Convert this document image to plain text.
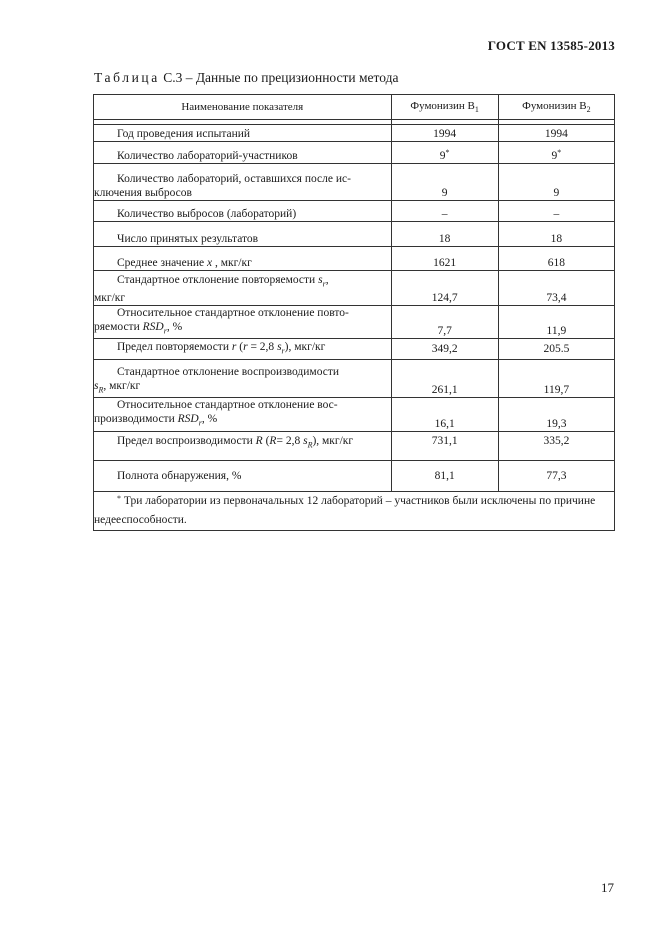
ГОСТ EN 13585-2013
Таблица С.3 – Данные по прецизионности метода
Наименование показателя	Фумонизин $B_1$	Фумонизин $B_2$

Год проведения испытаний	1994	1994
Количество лабораторий-участников	9*	9*
Количество лабораторий, оставшихся после ис-
ключения выбросов	9	9
Количество выбросов (лабораторий)	–	–
Число принятых результатов	18	18
Среднее значение x , мкг/кг	1621	618
Стандартное отклонение повторяемости $s_r$,
мкг/кг	124,7	73,4
Относительное стандартное отклонение повто-
ряемости $RSD_r$, %	7,7	11,9
Предел повторяемости r (r = 2,8 $s_r$), мкг/кг	349,2	205.5
Стандартное отклонение воспроизводимости
$s_R$, мкг/кг	261,1	119,7
Относительное стандартное отклонение вос-
производимости $RSD_r$, %	16,1	19,3
Предел воспроизводимости R (R= 2,8 $s_R$), мкг/кг	731,1	335,2
Полнота обнаружения, %	81,1	77,3
* Три лаборатории из первоначальных 12 лабораторий – участников были исключены по причине недееспособности.		
17
